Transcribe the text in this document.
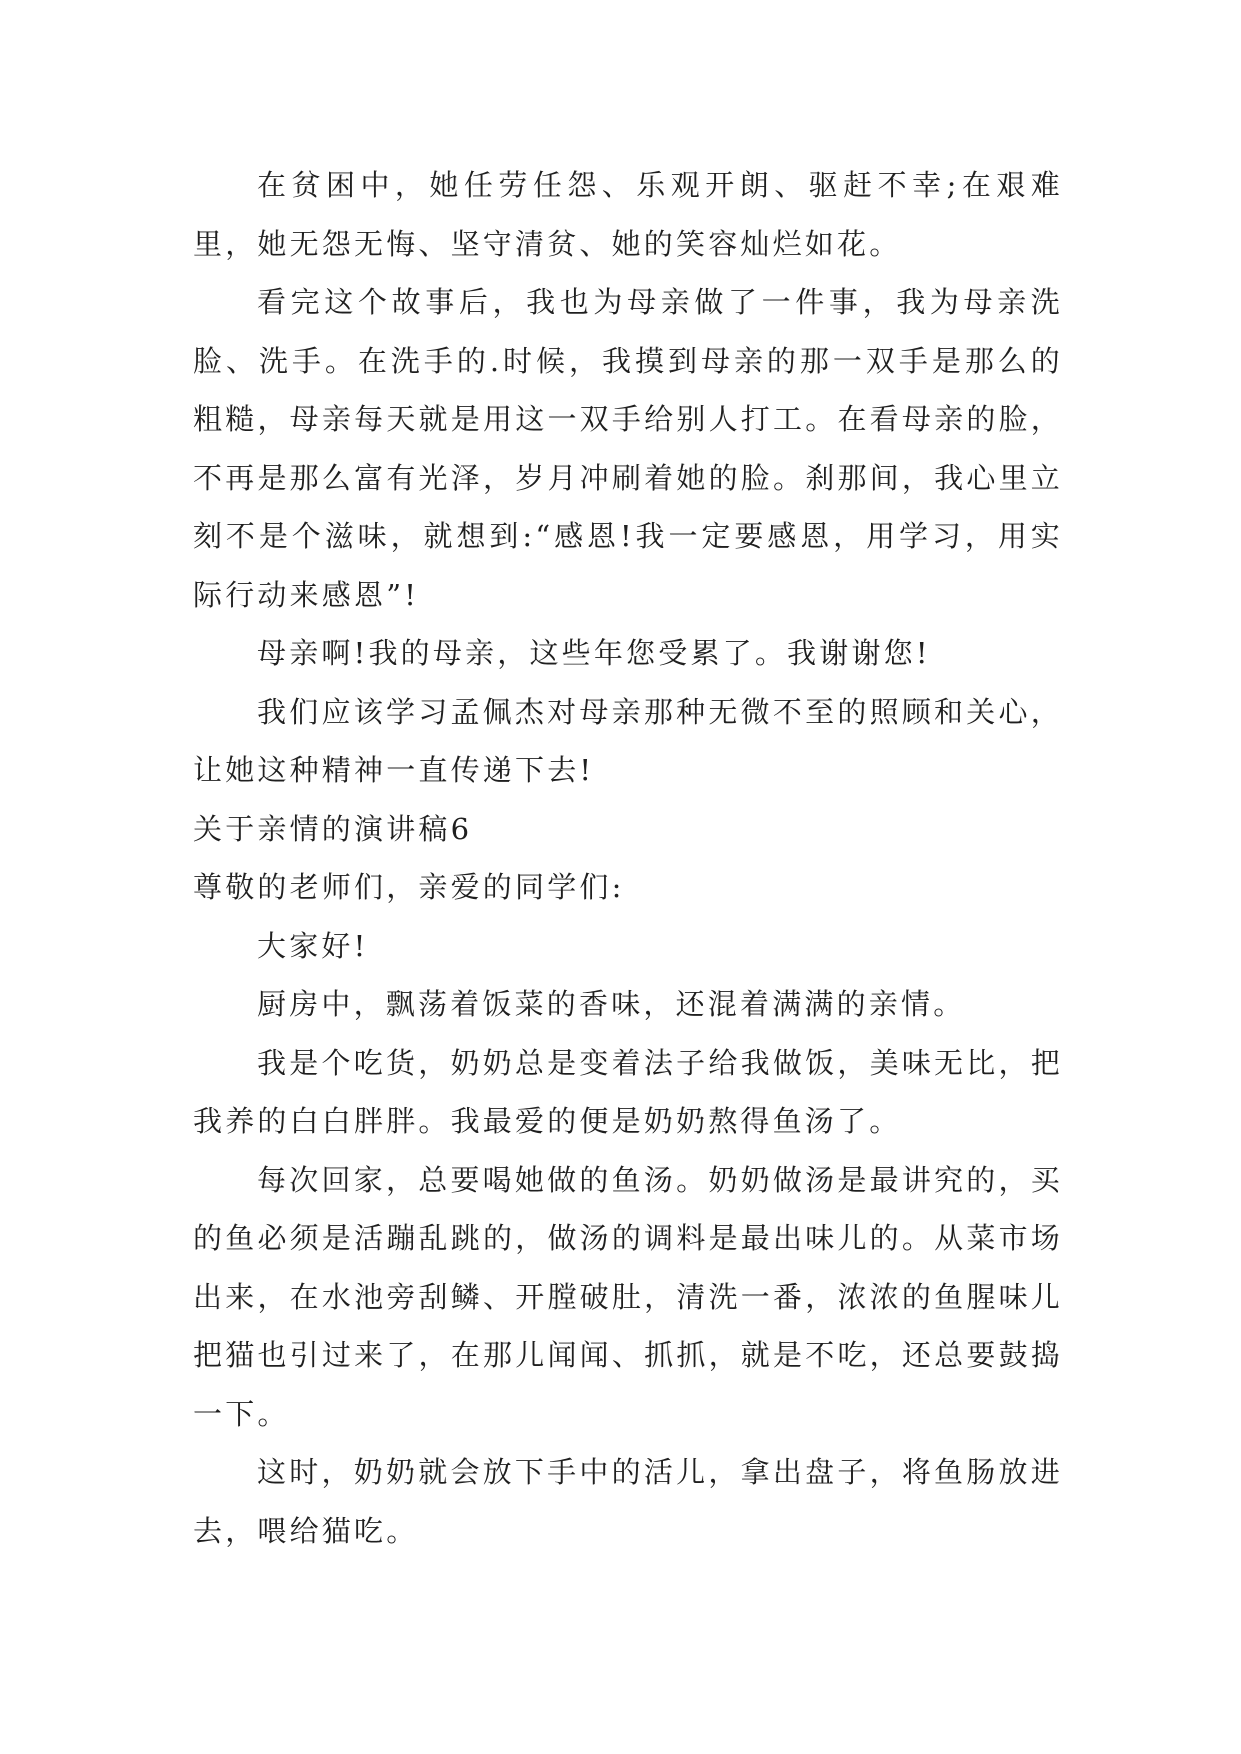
在贫困中，她任劳任怨、乐观开朗、驱赶不幸;在艰难里，她无怨无悔、坚守清贫、她的笑容灿烂如花。

看完这个故事后，我也为母亲做了一件事，我为母亲洗脸、洗手。在洗手的.时候，我摸到母亲的那一双手是那么的粗糙，母亲每天就是用这一双手给别人打工。在看母亲的脸，不再是那么富有光泽，岁月冲刷着她的脸。刹那间，我心里立刻不是个滋味，就想到:“感恩!我一定要感恩，用学习，用实际行动来感恩”!

母亲啊!我的母亲，这些年您受累了。我谢谢您!

我们应该学习孟佩杰对母亲那种无微不至的照顾和关心，让她这种精神一直传递下去!

关于亲情的演讲稿6

尊敬的老师们，亲爱的同学们:

大家好!

厨房中，飘荡着饭菜的香味，还混着满满的亲情。

我是个吃货，奶奶总是变着法子给我做饭，美味无比，把我养的白白胖胖。我最爱的便是奶奶熬得鱼汤了。

每次回家，总要喝她做的鱼汤。奶奶做汤是最讲究的，买的鱼必须是活蹦乱跳的，做汤的调料是最出味儿的。从菜市场出来，在水池旁刮鳞、开膛破肚，清洗一番，浓浓的鱼腥味儿把猫也引过来了，在那儿闻闻、抓抓，就是不吃，还总要鼓捣一下。

这时，奶奶就会放下手中的活儿，拿出盘子，将鱼肠放进去，喂给猫吃。
